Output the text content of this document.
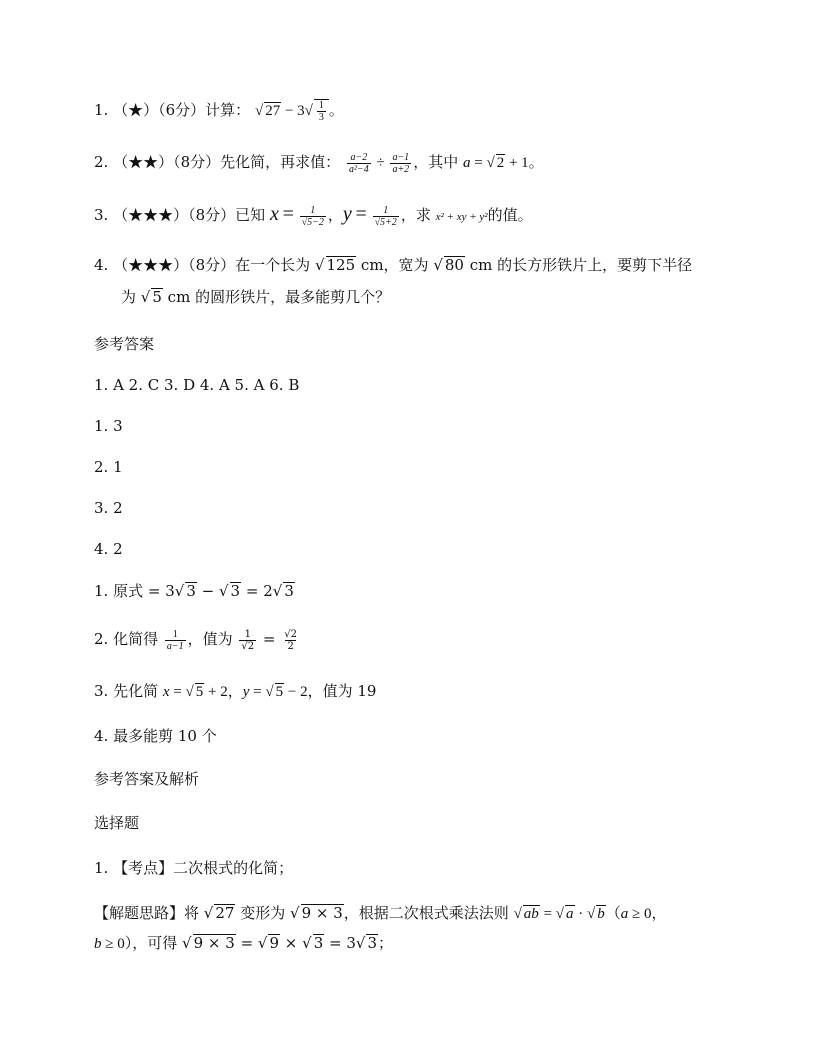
1. （★）（6分）计算： √ $27 - 3√ \frac{1}{3}$ 。
2. （★★）（8分）先化简，再求值： $\frac{a-2}{\text{a²−4}} \div \frac{a-1}{a+2}$ ，其中 a = √ 2 + 1。
3. （★★★）（8分）已知 $x = \frac{1}{√5-2}$ ，$y = \frac{1}{√5+2}$ ，求 x² + xy + y²的值。
4. （★★★）（8分）在一个长为 √ 125 cm，宽为 √ 80 cm 的长方形铁片上，要剪下半径
为 √ 5 cm 的圆形铁片，最多能剪几个？
参考答案
1. A 2. C 3. D 4. A 5. A 6. B
1. 3
2. 1
3. 2
4. 2
1. 原式 = 3√ 3 − √ 3 = 2√ 3
2. 化简得 $\frac{1}{a-1}$ ，值为 $\frac{1}{√2} = \frac{√2}{2}$
3. 先化简 x = √ 5 + 2，y = √ 5 − 2，值为 19
4. 最多能剪 10 个
参考答案及解析
选择题
1. 【考点】二次根式的化简；
【解题思路】将 √ 27 变形为 √ 9 × 3，根据二次根式乘法法则 √ ab = √ a · √ b（a ≥ 0，
b ≥ 0），可得 √ 9 × 3 = √ 9 × √ 3 = 3√ 3；
